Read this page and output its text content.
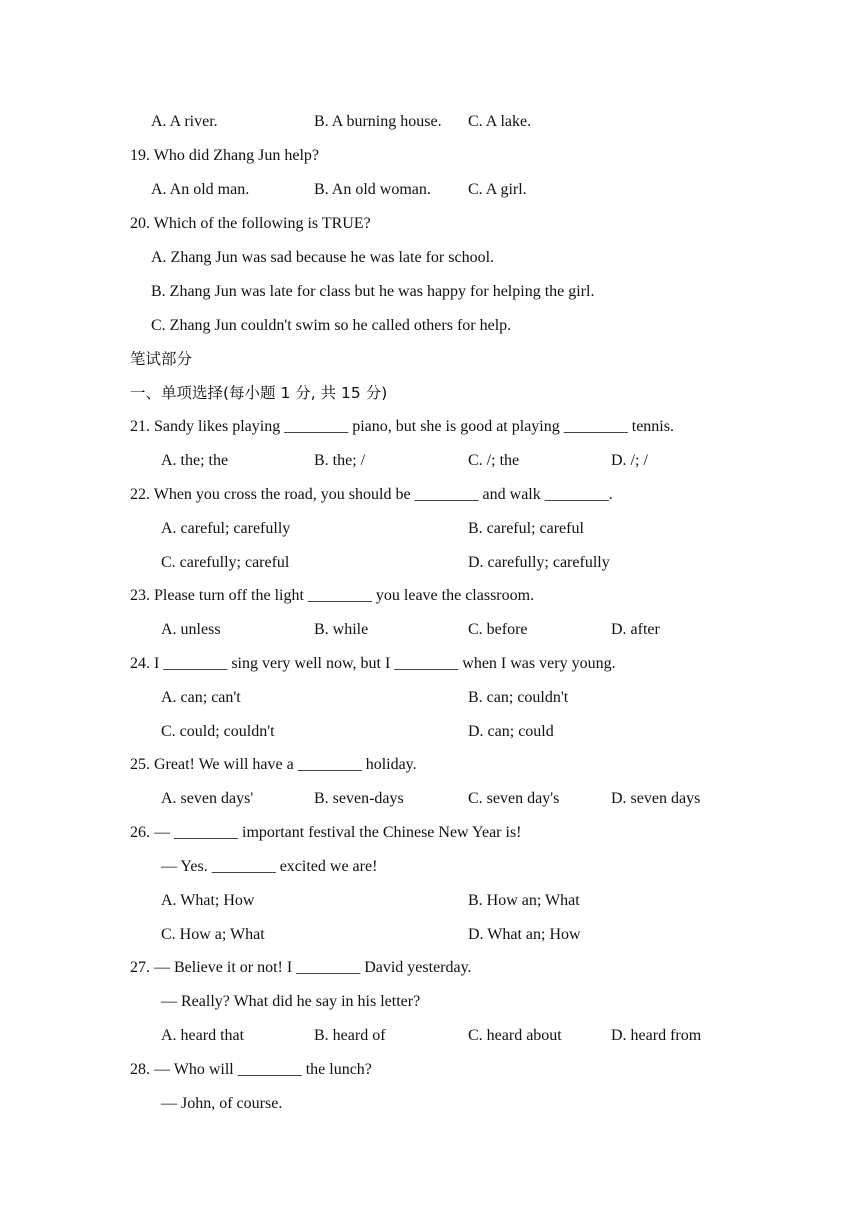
A. A river.	B. A burning house. C. A lake.
19. Who did Zhang Jun help?
A. An old man.	B. An old woman. C. A girl.
20. Which of the following is TRUE?
A. Zhang Jun was sad because he was late for school.
B. Zhang Jun was late for class but he was happy for helping the girl.
C. Zhang Jun couldn't swim so he called others for help.
笔试部分
一、单项选择(每小题 1 分, 共 15 分)
21. Sandy likes playing ________ piano, but she is good at playing ________ tennis.
A. the; the	B. the; /	C. /; the	D. /; /
22. When you cross the road, you should be ________ and walk ________.
A. careful; carefully	B. careful; careful
C. carefully; careful	D. carefully; carefully
23. Please turn off the light ________ you leave the classroom.
A. unless	B. while	C. before	D. after
24. I ________ sing very well now, but I ________ when I was very young.
A. can; can't	B. can; couldn't
C. could; couldn't	D. can; could
25. Great! We will have a ________ holiday.
A. seven days'	B. seven-days	C. seven day's	D. seven days
26. — ________ important festival the Chinese New Year is!
— Yes. ________ excited we are!
A. What; How	B. How an; What
C. How a; What	D. What an; How
27. — Believe it or not! I ________ David yesterday.
— Really? What did he say in his letter?
A. heard that	B. heard of	C. heard about	D. heard from
28. — Who will ________ the lunch?
— John, of course.
